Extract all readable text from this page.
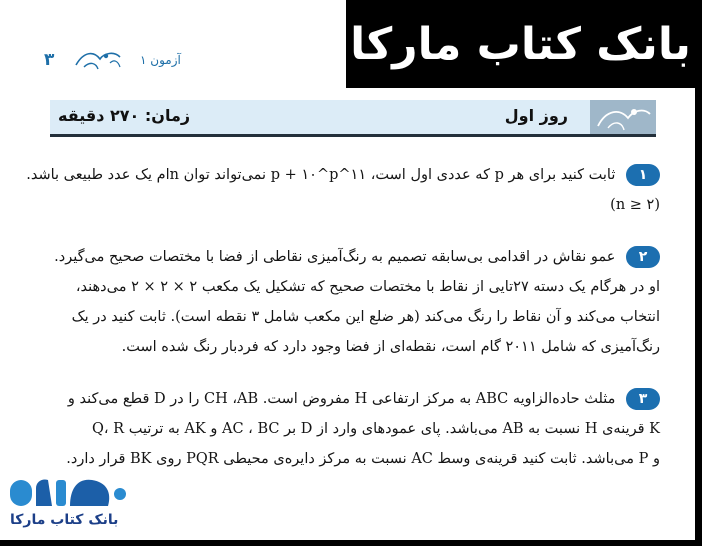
بانک کتاب مارکا
۳	آزمون ۱
روز اول
زمان: ۲۷۰ دقیقه
۱ ثابت کنید برای هر p که عددی اول است، ۱۱^p + ۱۰^p نمی‌تواند توان nام یک عدد طبیعی باشد.
(n ≥ ۲)
۲ عمو نقاش در اقدامی بی‌سابقه تصمیم به رنگ‌آمیزی نقاطی از فضا با مختصات صحیح می‌گیرد.
او در هرگام یک دسته ۲۷تایی از نقاط با مختصات صحیح که تشکیل یک مکعب ۲ × ۲ × ۲ می‌دهند،
انتخاب می‌کند و آن نقاط را رنگ می‌کند (هر ضلع این مکعب شامل ۳ نقطه است). ثابت کنید در یک
رنگ‌آمیزی که شامل ۲۰۱۱ گام است، نقطه‌ای از فضا وجود دارد که فردبار رنگ شده است.
۳ مثلث حاده‌الزاویه ABC به مرکز ارتفاعی H مفروض است. CH ،AB را در D قطع می‌کند و
K قرینه‌ی H نسبت به AB می‌باشد. پای عمودهای وارد از D بر AC ، BC و AK به ترتیب Q، R
و P می‌باشد. ثابت کنید قرینه‌ی وسط AC نسبت به مرکز دایره‌ی محیطی PQR روی BK قرار دارد.
بانک کتاب مارکا
